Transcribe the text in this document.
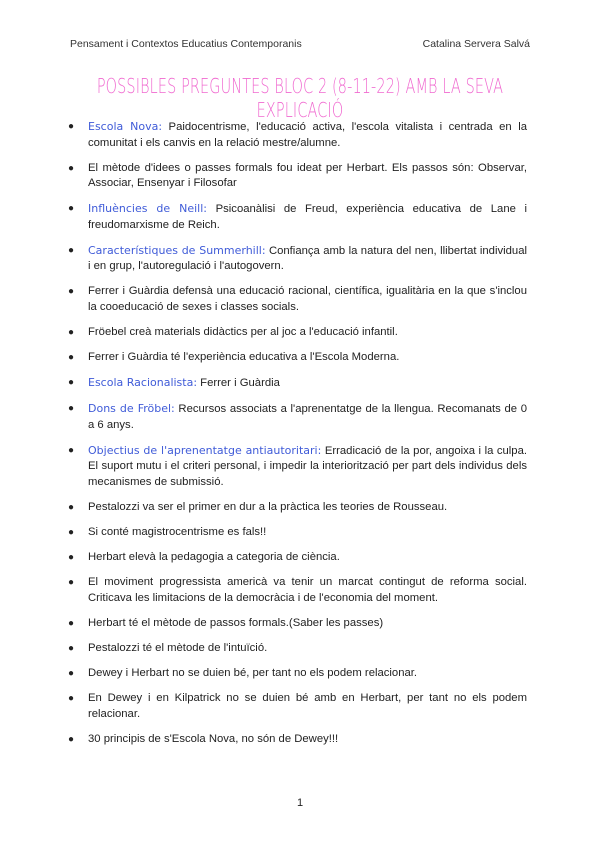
Pensament i Contextos Educatius Contemporanis	Catalina Servera Salvá
POSSIBLES PREGUNTES BLOC 2 (8-11-22) AMB LA SEVA EXPLICACIÓ
● Escola Nova: Paidocentrisme, l'educació activa, l'escola vitalista i centrada en la comunitat i els canvis en la relació mestre/alumne.
● El mètode d'idees o passes formals fou ideat per Herbart. Els passos són: Observar, Associar, Ensenyar i Filosofar
● Influències de Neill: Psicoanàlisi de Freud, experiència educativa de Lane i freudomarxisme de Reich.
● Característiques de Summerhill: Confiança amb la natura del nen, llibertat individual i en grup, l'autoregulació i l'autogovern.
● Ferrer i Guàrdia defensà una educació racional, científica, igualitària en la que s'inclou la cooeducació de sexes i classes socials.
● Fröebel creà materials didàctics per al joc a l'educació infantil.
● Ferrer i Guàrdia té l'experiència educativa a l'Escola Moderna.
● Escola Racionalista: Ferrer i Guàrdia
● Dons de Fröbel: Recursos associats a l'aprenentatge de la llengua. Recomanats de 0 a 6 anys.
● Objectius de l'aprenentatge antiautoritari: Erradicació de la por, angoixa i la culpa. El suport mutu i el criteri personal, i impedir la interiorització per part dels individus dels mecanismes de submissió.
● Pestalozzi va ser el primer en dur a la pràctica les teories de Rousseau.
● Si conté magistrocentrisme es fals!!
● Herbart elevà la pedagogia a categoria de ciència.
● El moviment progressista americà va tenir un marcat contingut de reforma social. Criticava les limitacions de la democràcia i de l'economia del moment.
● Herbart té el mètode de passos formals.(Saber les passes)
● Pestalozzi té el mètode de l'intuïció.
● Dewey i Herbart no se duien bé, per tant no els podem relacionar.
● En Dewey i en Kilpatrick no se duien bé amb en Herbart, per tant no els podem relacionar.
● 30 principis de s'Escola Nova, no són de Dewey!!!
1
